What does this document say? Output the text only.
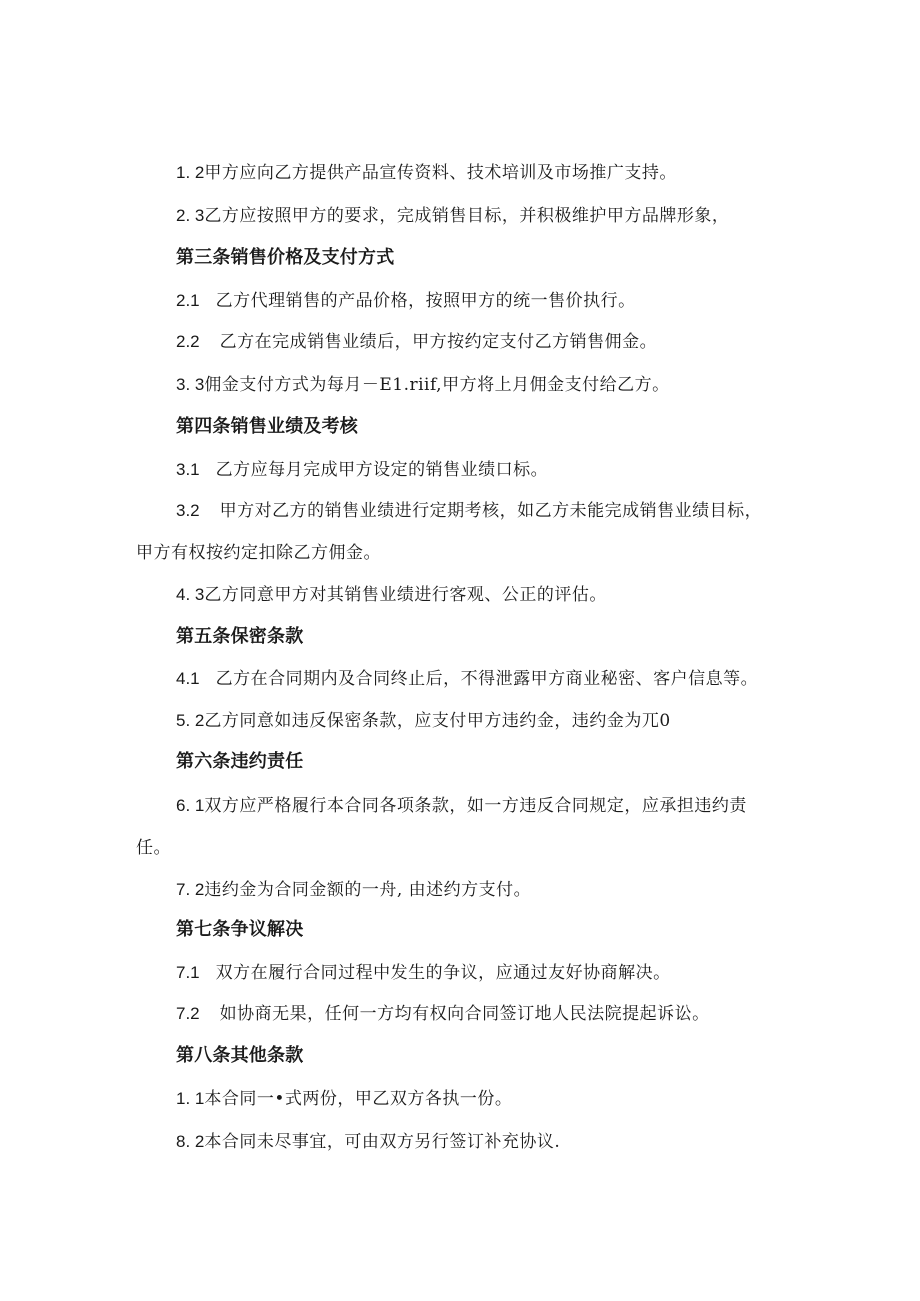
1. 2甲方应向乙方提供产品宣传资料、技术培训及市场推广支持。
2. 3乙方应按照甲方的要求，完成销售目标，并积极维护甲方品牌形象，
第三条销售价格及支付方式
2.1 乙方代理销售的产品价格，按照甲方的统一售价执行。
2.2 乙方在完成销售业绩后，甲方按约定支付乙方销售佣金。
3. 3佣金支付方式为每月－E1.riif,甲方将上月佣金支付给乙方。
第四条销售业绩及考核
3.1 乙方应每月完成甲方设定的销售业绩口标。
3.2 甲方对乙方的销售业绩进行定期考核，如乙方未能完成销售业绩目标，
甲方有权按约定扣除乙方佣金。
4. 3乙方同意甲方对其销售业绩进行客观、公正的评估。
第五条保密条款
4.1 乙方在合同期内及合同终止后，不得泄露甲方商业秘密、客户信息等。
5. 2乙方同意如违反保密条款，应支付甲方违约金，违约金为兀0
第六条违约责任
6. 1双方应严格履行本合同各项条款，如一方违反合同规定，应承担违约责
任。
7. 2违约金为合同金额的一舟, 由述约方支付。
第七条争议解决
7.1 双方在履行合同过程中发生的争议，应通过友好协商解决。
7.2 如协商无果，任何一方均有权向合同签订地人民法院提起诉讼。
第八条其他条款
1. 1本合同一•式两份，甲乙双方各执一份。
8. 2本合同未尽事宜，可由双方另行签订补充协议.
